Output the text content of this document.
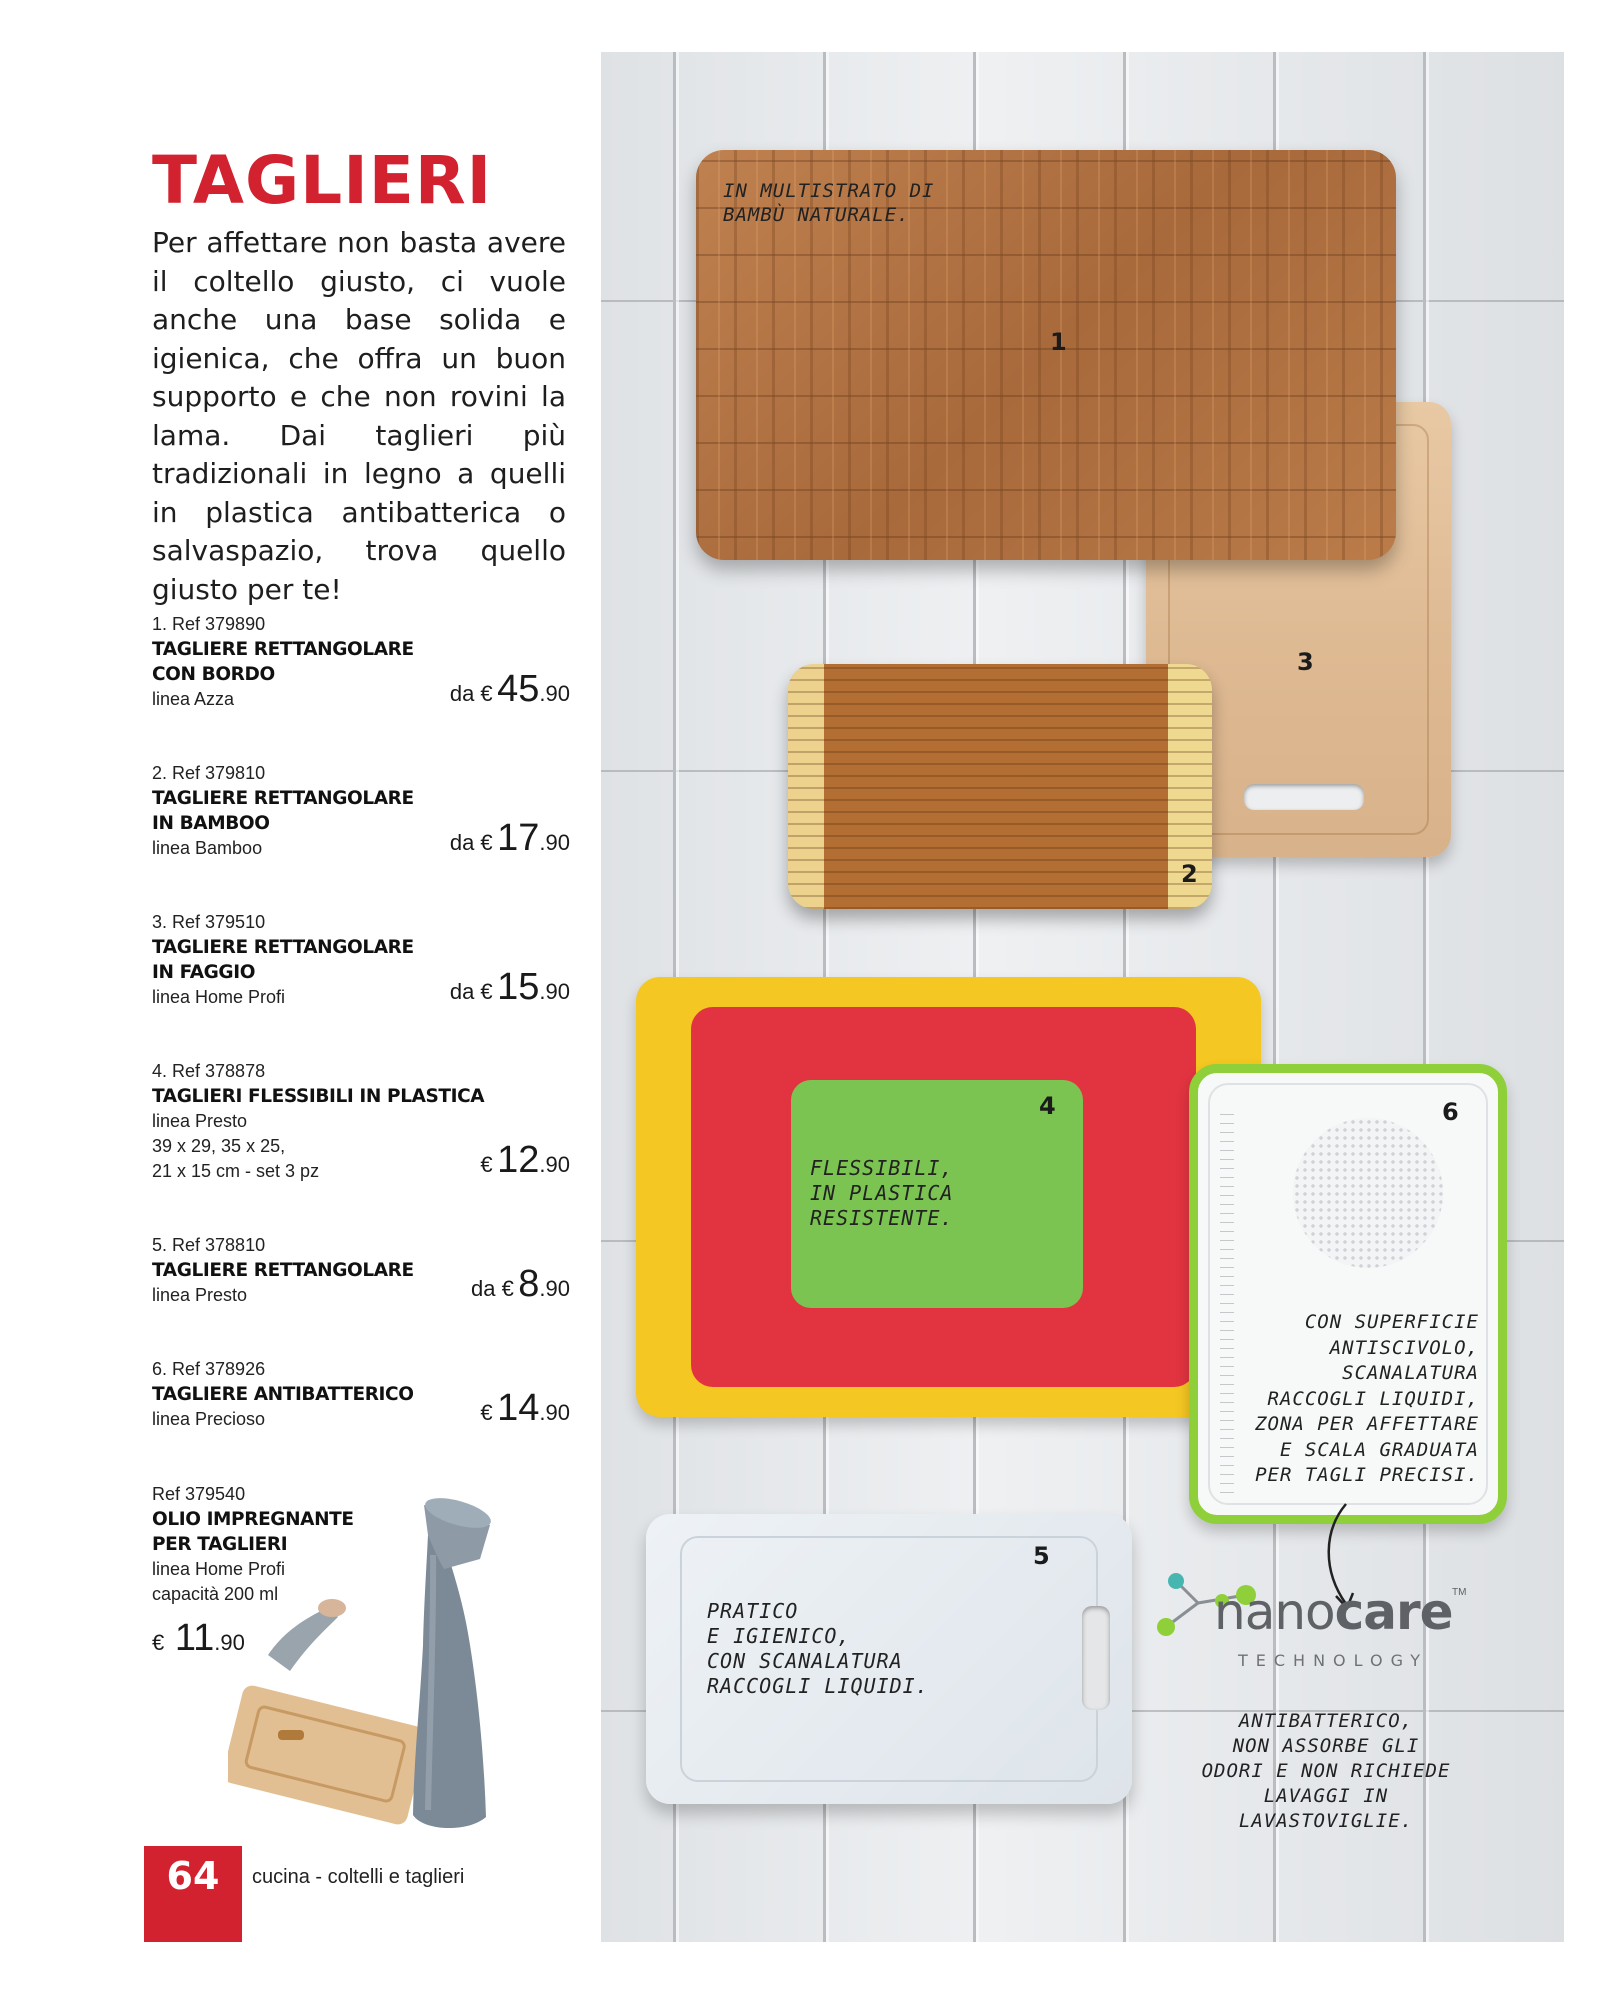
TAGLIERI

Per affettare non basta avere il coltello giusto, ci vuole anche una base solida e igienica, che offra un buon supporto e che non rovini la lama. Dai taglieri più tradizionali in legno a quelli in plastica antibatterica o salvaspazio, trova quello giusto per te!

1. Ref 379890
TAGLIERE RETTANGOLARE
CON BORDO
linea Azza	da € 45.90
2. Ref 379810
TAGLIERE RETTANGOLARE
IN BAMBOO
linea Bamboo	da € 17.90
3. Ref 379510
TAGLIERE RETTANGOLARE
IN FAGGIO
linea Home Profi	da € 15.90
4. Ref 378878
TAGLIERI FLESSIBILI IN PLASTICA
linea Presto
39 x 29, 35 x 25,
21 x 15 cm - set 3 pz	€ 12.90
5. Ref 378810
TAGLIERE RETTANGOLARE
linea Presto	da € 8.90
6. Ref 378926
TAGLIERE ANTIBATTERICO
linea Precioso	€ 14.90
Ref 379540
OLIO IMPREGNANTE
PER TAGLIERI
linea Home Profi
capacità 200 ml
€ 11.90
64	cucina - coltelli e taglieri
3
1
IN MULTISTRATO DI
BAMBÙ NATURALE.
2
4
FLESSIBILI,
IN PLASTICA
RESISTENTE.
6
CON SUPERFICIE
ANTISCIVOLO,
SCANALATURA
RACCOGLI LIQUIDI,
ZONA PER AFFETTARE
E SCALA GRADUATA
PER TAGLI PRECISI.
5
PRATICO
E IGIENICO,
CON SCANALATURA
RACCOGLI LIQUIDI.
nanocare TM
TECHNOLOGY
ANTIBATTERICO,
NON ASSORBE GLI
ODORI E NON RICHIEDE
LAVAGGI IN
LAVASTOVIGLIE.
